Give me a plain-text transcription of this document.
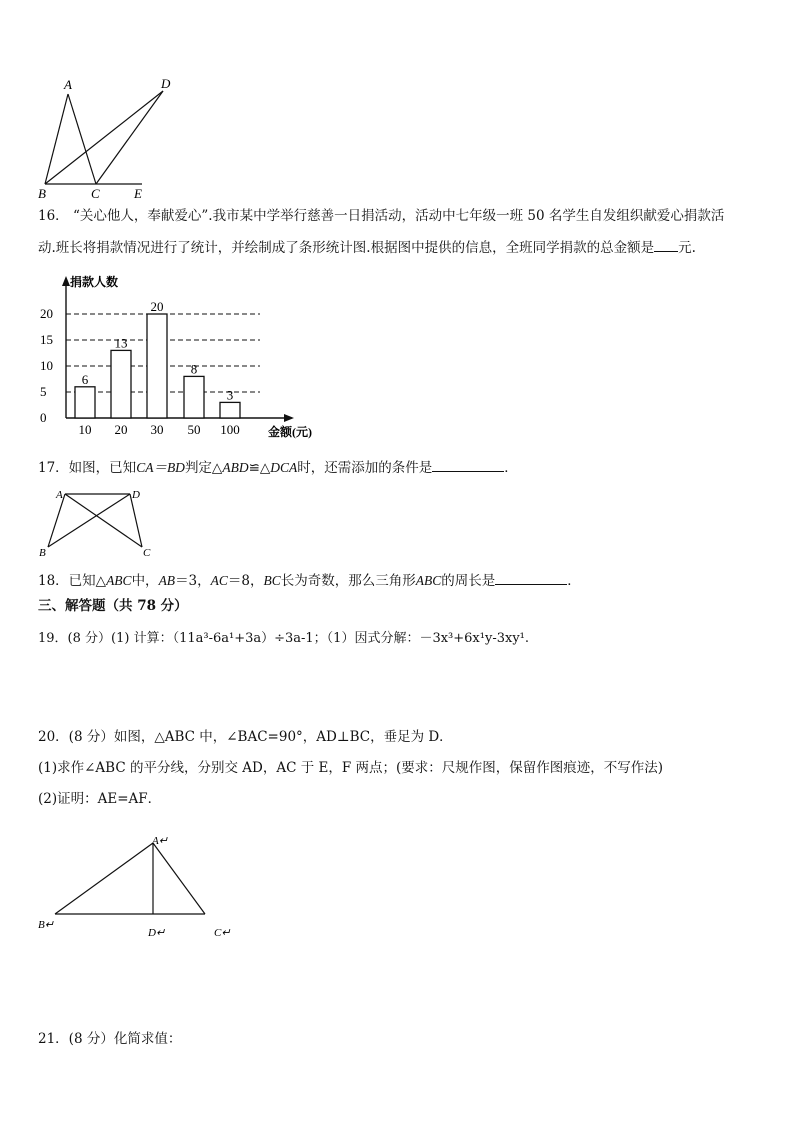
A	D
B	C	E
16． “关心他人，奉献爱心”.我市某中学举行慈善一日捐活动，活动中七年级一班 50 名学生自发组织献爱心捐款活
动.班长将捐款情况进行了统计，并绘制成了条形统计图.根据图中提供的信息，全班同学捐款的总金额是 元.
捐款人数
金额(元)
0
5
10
15
20
6
10
13
20
20
30
8
50
3
100
17．如图，已知CA＝BD判定△ABD≌△DCA时，还需添加的条件是	．
A	D
B	C
18．已知△ABC中，AB＝3，AC＝8，BC长为奇数，那么三角形ABC的周长是	．
三、解答题（共 78 分）
19．(8 分）(1) 计算：（11a³-6a¹+3a）÷3a-1；（1）因式分解：－3x³+6x¹y-3xy¹.
20．(8 分）如图，△ABC 中，∠BAC=90°，AD⊥BC，垂足为 D．
(1)求作∠ABC 的平分线，分别交 AD，AC 于 E，F 两点；(要求：尺规作图，保留作图痕迹，不写作法)
(2)证明：AE=AF．
A↵
B↵
D↵	C↵
21．(8 分）化简求值：
